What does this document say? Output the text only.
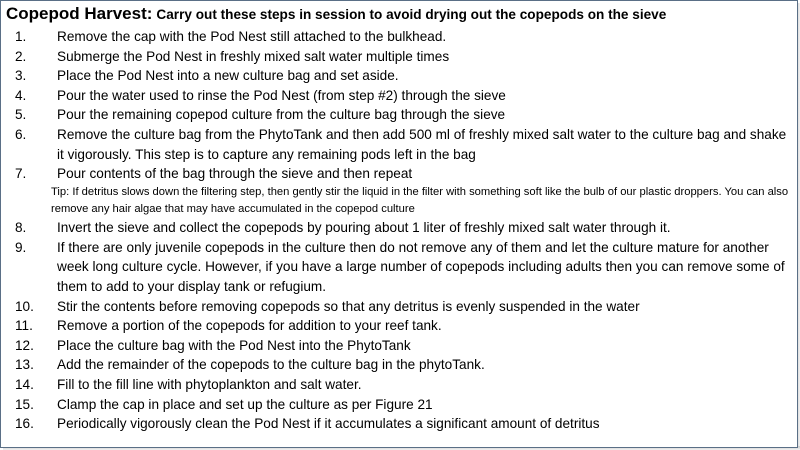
Copepod Harvest: Carry out these steps in session to avoid drying out the copepods on the sieve
1.	Remove the cap with the Pod Nest still attached to the bulkhead.
2.	Submerge the Pod Nest in freshly mixed salt water multiple times
3.	Place the Pod Nest into a new culture bag and set aside.
4.	Pour the water used to rinse the Pod Nest (from step #2) through the sieve
5.	Pour the remaining copepod culture from the culture bag through the sieve
6.	Remove the culture bag from the PhytoTank and then add 500 ml of freshly mixed salt water to the culture bag and shake it vigorously. This step is to capture any remaining pods left in the bag
7.	Pour contents of the bag through the sieve and then repeat
Tip: If detritus slows down the filtering step, then gently stir the liquid in the filter with something soft like the bulb of our plastic droppers. You can also remove any hair algae that may have accumulated in the copepod culture
8.	Invert the sieve and collect the copepods by pouring about 1 liter of freshly mixed salt water through it.
9.	If there are only juvenile copepods in the culture then do not remove any of them and let the culture mature for another week long culture cycle. However, if you have a large number of copepods including adults then you can remove some of them to add to your display tank or refugium.
10.	Stir the contents before removing copepods so that any detritus is evenly suspended in the water
11.	Remove a portion of the copepods for addition to your reef tank.
12.	Place the culture bag with the Pod Nest into the PhytoTank
13.	Add the remainder of the copepods to the culture bag in the phytoTank.
14.	Fill to the fill line with phytoplankton and salt water.
15.	Clamp the cap in place and set up the culture as per Figure 21
16.	Periodically vigorously clean the Pod Nest if it accumulates a significant amount of detritus
